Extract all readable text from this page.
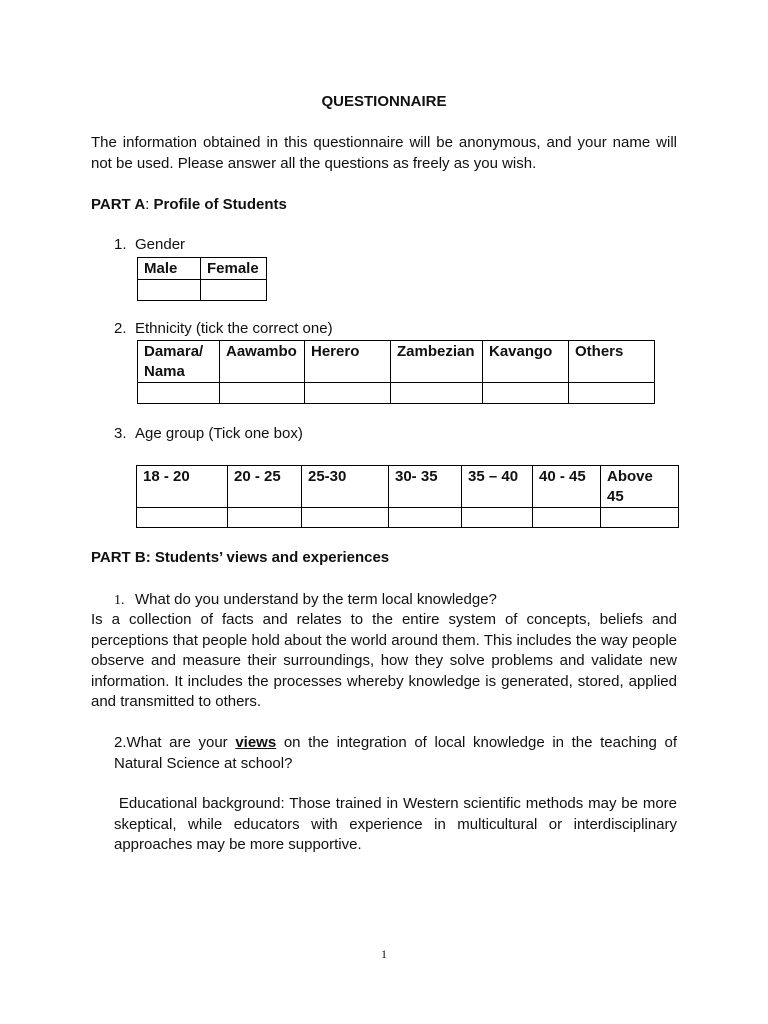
QUESTIONNAIRE
The information obtained in this questionnaire will be anonymous, and your name will not be used. Please answer all the questions as freely as you wish.
PART A: Profile of Students
1. Gender
Male	Female

2. Ethnicity (tick the correct one)
Damara/ Nama	Aawambo	Herero	Zambezian	Kavango	Others

3. Age group (Tick one box)
18 - 20	20 - 25	25-30	30- 35	35 – 40	40 - 45	Above 45

PART B: Students’ views and experiences
1. What do you understand by the term local knowledge?
Is a collection of facts and relates to the entire system of concepts, beliefs and perceptions that people hold about the world around them. This includes the way people observe and measure their surroundings, how they solve problems and validate new information. It includes the processes whereby knowledge is generated, stored, applied and transmitted to others.
2.What are your views on the integration of local knowledge in the teaching of Natural Science at school?
Educational background: Those trained in Western scientific methods may be more skeptical, while educators with experience in multicultural or interdisciplinary approaches may be more supportive.
1
